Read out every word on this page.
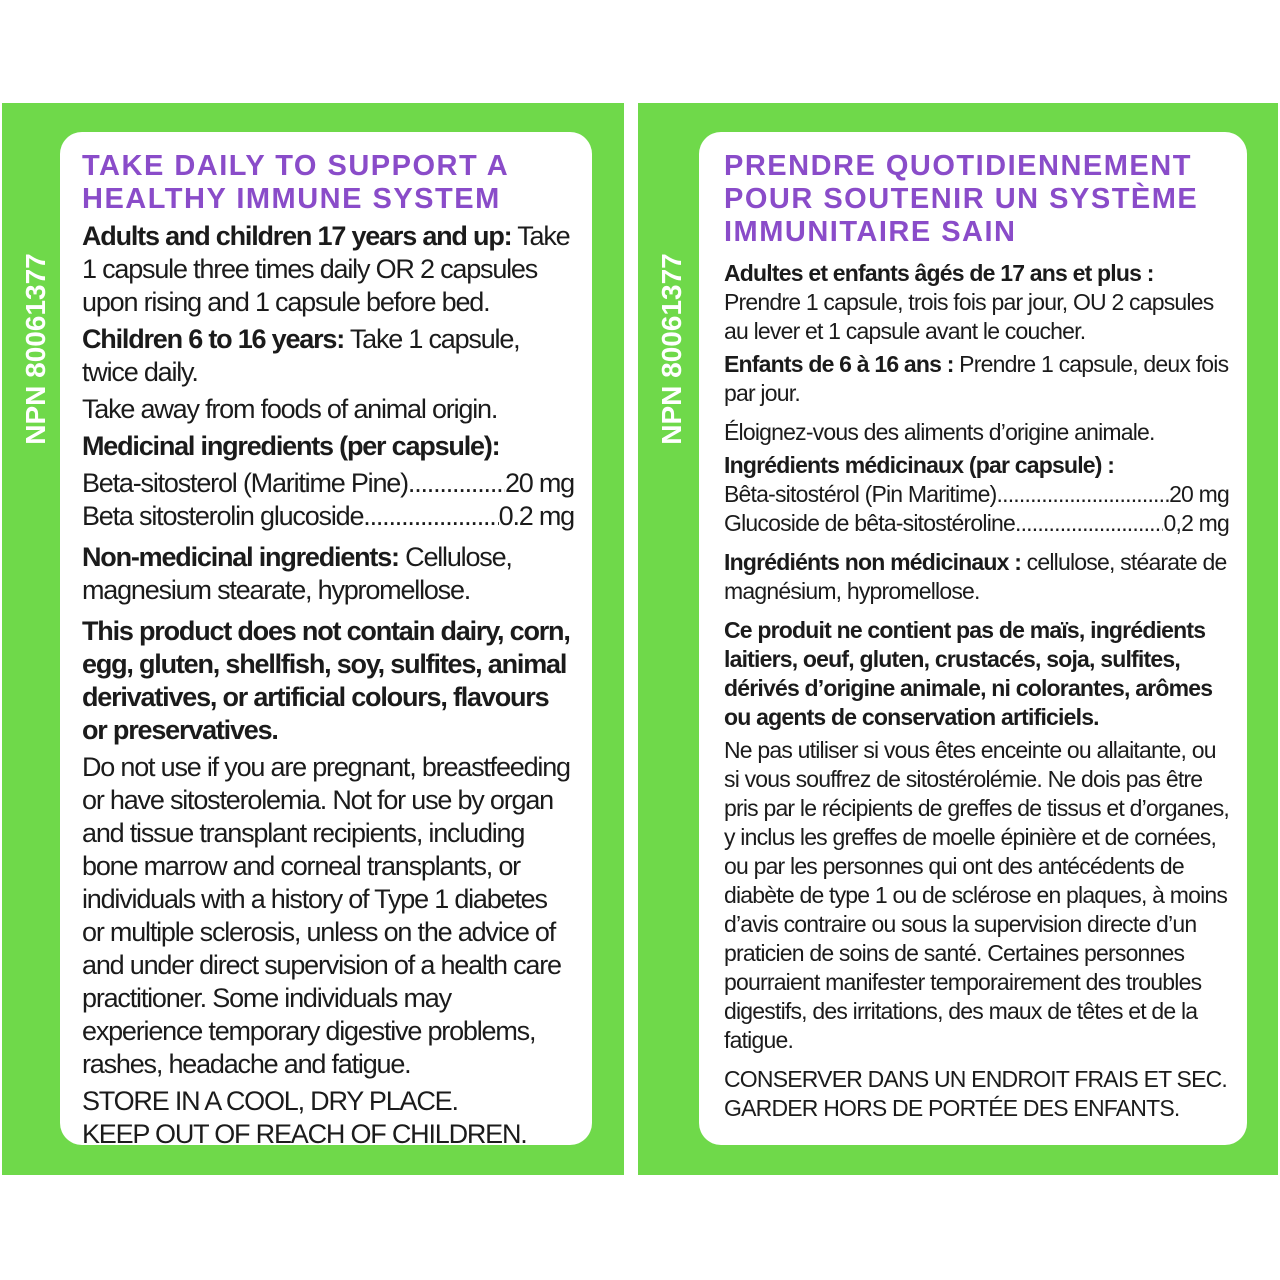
NPN 80061377
TAKE DAILY TO SUPPORT A HEALTHY IMMUNE SYSTEM

Adults and children 17 years and up: Take 1 capsule three times daily OR 2 capsules upon rising and 1 capsule before bed.

Children 6 to 16 years: Take 1 capsule, twice daily.

Take away from foods of animal origin.

Medicinal ingredients (per capsule):

Beta-sitosterol (Maritime Pine) .....	20 mg

Beta sitosterolin glucoside .....	0.2 mg

Non-medicinal ingredients: Cellulose, magnesium stearate, hypromellose.

This product does not contain dairy, corn, egg, gluten, shellfish, soy, sulfites, animal derivatives, or artificial colours, flavours or preservatives.

Do not use if you are pregnant, breastfeeding or have sitosterolemia. Not for use by organ and tissue transplant recipients, including bone marrow and corneal transplants, or individuals with a history of Type 1 diabetes or multiple sclerosis, unless on the advice of and under direct supervision of a health care practitioner. Some individuals may experience temporary digestive problems, rashes, headache and fatigue.

STORE IN A COOL, DRY PLACE.

KEEP OUT OF REACH OF CHILDREN.

NPN 80061377
PRENDRE QUOTIDIENNEMENT POUR SOUTENIR UN SYSTÈME IMMUNITAIRE SAIN

Adultes et enfants âgés de 17 ans et plus : Prendre 1 capsule, trois fois par jour, OU 2 capsules au lever et 1 capsule avant le coucher.

Enfants de 6 à 16 ans : Prendre 1 capsule, deux fois par jour.

Éloignez-vous des aliments d’origine animale.

Ingrédients médicinaux (par capsule) :

Bêta-sitostérol (Pin Maritime) .....	20 mg

Glucoside de bêta-sitostéroline .....	0,2 mg

Ingrédiénts non médicinaux : cellulose, stéarate de magnésium, hypromellose.

Ce produit ne contient pas de maïs, ingrédients laitiers, oeuf, gluten, crustacés, soja, sulfites, dérivés d’origine animale, ni colorantes, arômes ou agents de conservation artificiels.

Ne pas utiliser si vous êtes enceinte ou allaitante, ou si vous souffrez de sitostérolémie. Ne dois pas être pris par le récipients de greffes de tissus et d’organes, y inclus les greffes de moelle épinière et de cornées, ou par les personnes qui ont des antécédents de diabète de type 1 ou de sclérose en plaques, à moins d’avis contraire ou sous la supervision directe d’un praticien de soins de santé. Certaines personnes pourraient manifester temporairement des troubles digestifs, des irritations, des maux de têtes et de la fatigue.

CONSERVER DANS UN ENDROIT FRAIS ET SEC.

GARDER HORS DE PORTÉE DES ENFANTS.
